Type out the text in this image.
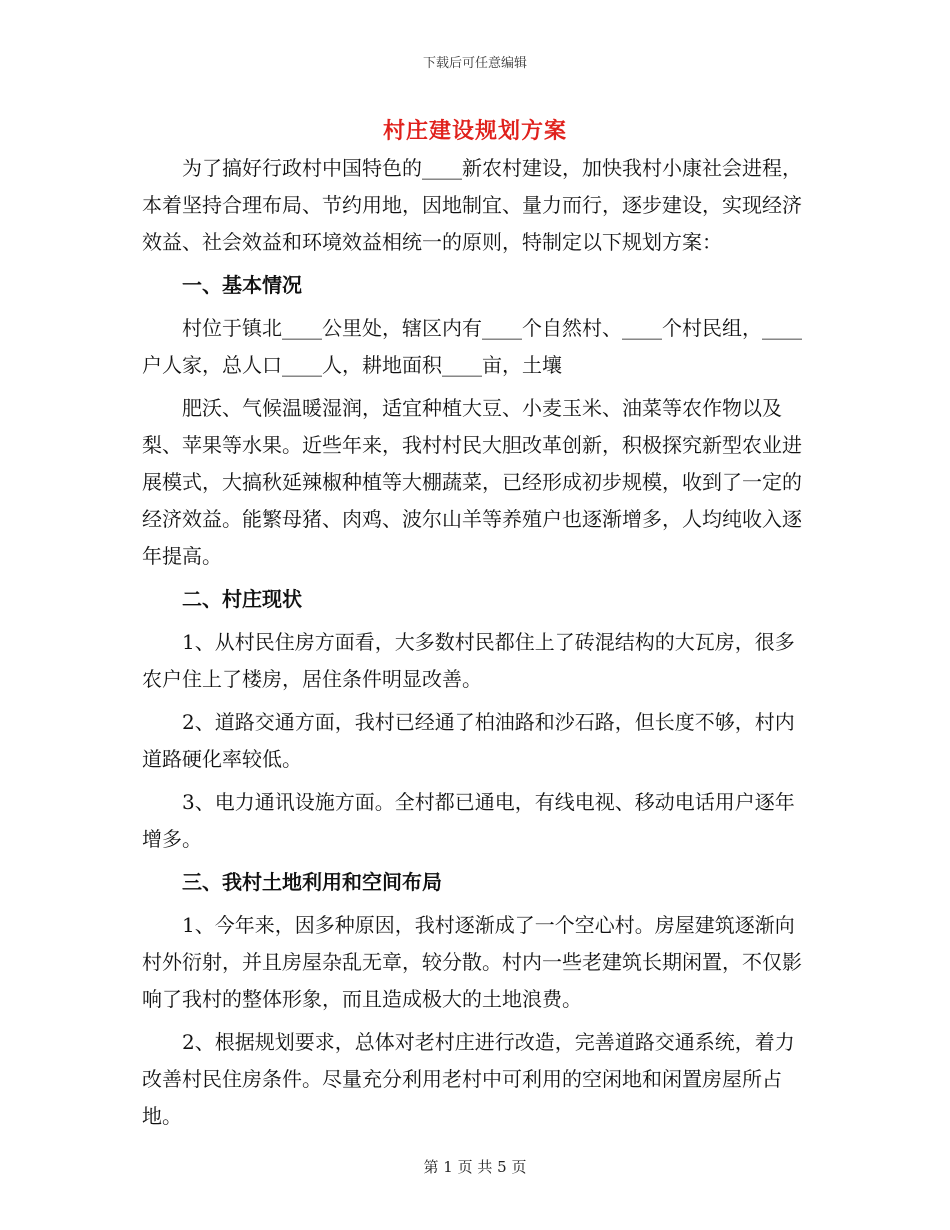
下载后可任意编辑
村庄建设规划方案

为了搞好行政村中国特色的____新农村建设，加快我村小康社会进程，本着坚持合理布局、节约用地，因地制宜、量力而行，逐步建设，实现经济效益、社会效益和环境效益相统一的原则，特制定以下规划方案：

一、基本情况

村位于镇北____公里处，辖区内有____个自然村、____个村民组，____户人家，总人口____人，耕地面积____亩，土壤

肥沃、气候温暖湿润，适宜种植大豆、小麦玉米、油菜等农作物以及梨、苹果等水果。近些年来，我村村民大胆改革创新，积极探究新型农业进展模式，大搞秋延辣椒种植等大棚蔬菜，已经形成初步规模，收到了一定的经济效益。能繁母猪、肉鸡、波尔山羊等养殖户也逐渐增多，人均纯收入逐年提高。

二、村庄现状

1、从村民住房方面看，大多数村民都住上了砖混结构的大瓦房，很多农户住上了楼房，居住条件明显改善。

2、道路交通方面，我村已经通了柏油路和沙石路，但长度不够，村内道路硬化率较低。

3、电力通讯设施方面。全村都已通电，有线电视、移动电话用户逐年增多。

三、我村土地利用和空间布局

1、今年来，因多种原因，我村逐渐成了一个空心村。房屋建筑逐渐向村外衍射，并且房屋杂乱无章，较分散。村内一些老建筑长期闲置，不仅影响了我村的整体形象，而且造成极大的土地浪费。

2、根据规划要求，总体对老村庄进行改造，完善道路交通系统，着力改善村民住房条件。尽量充分利用老村中可利用的空闲地和闲置房屋所占地。

第 1 页 共 5 页
